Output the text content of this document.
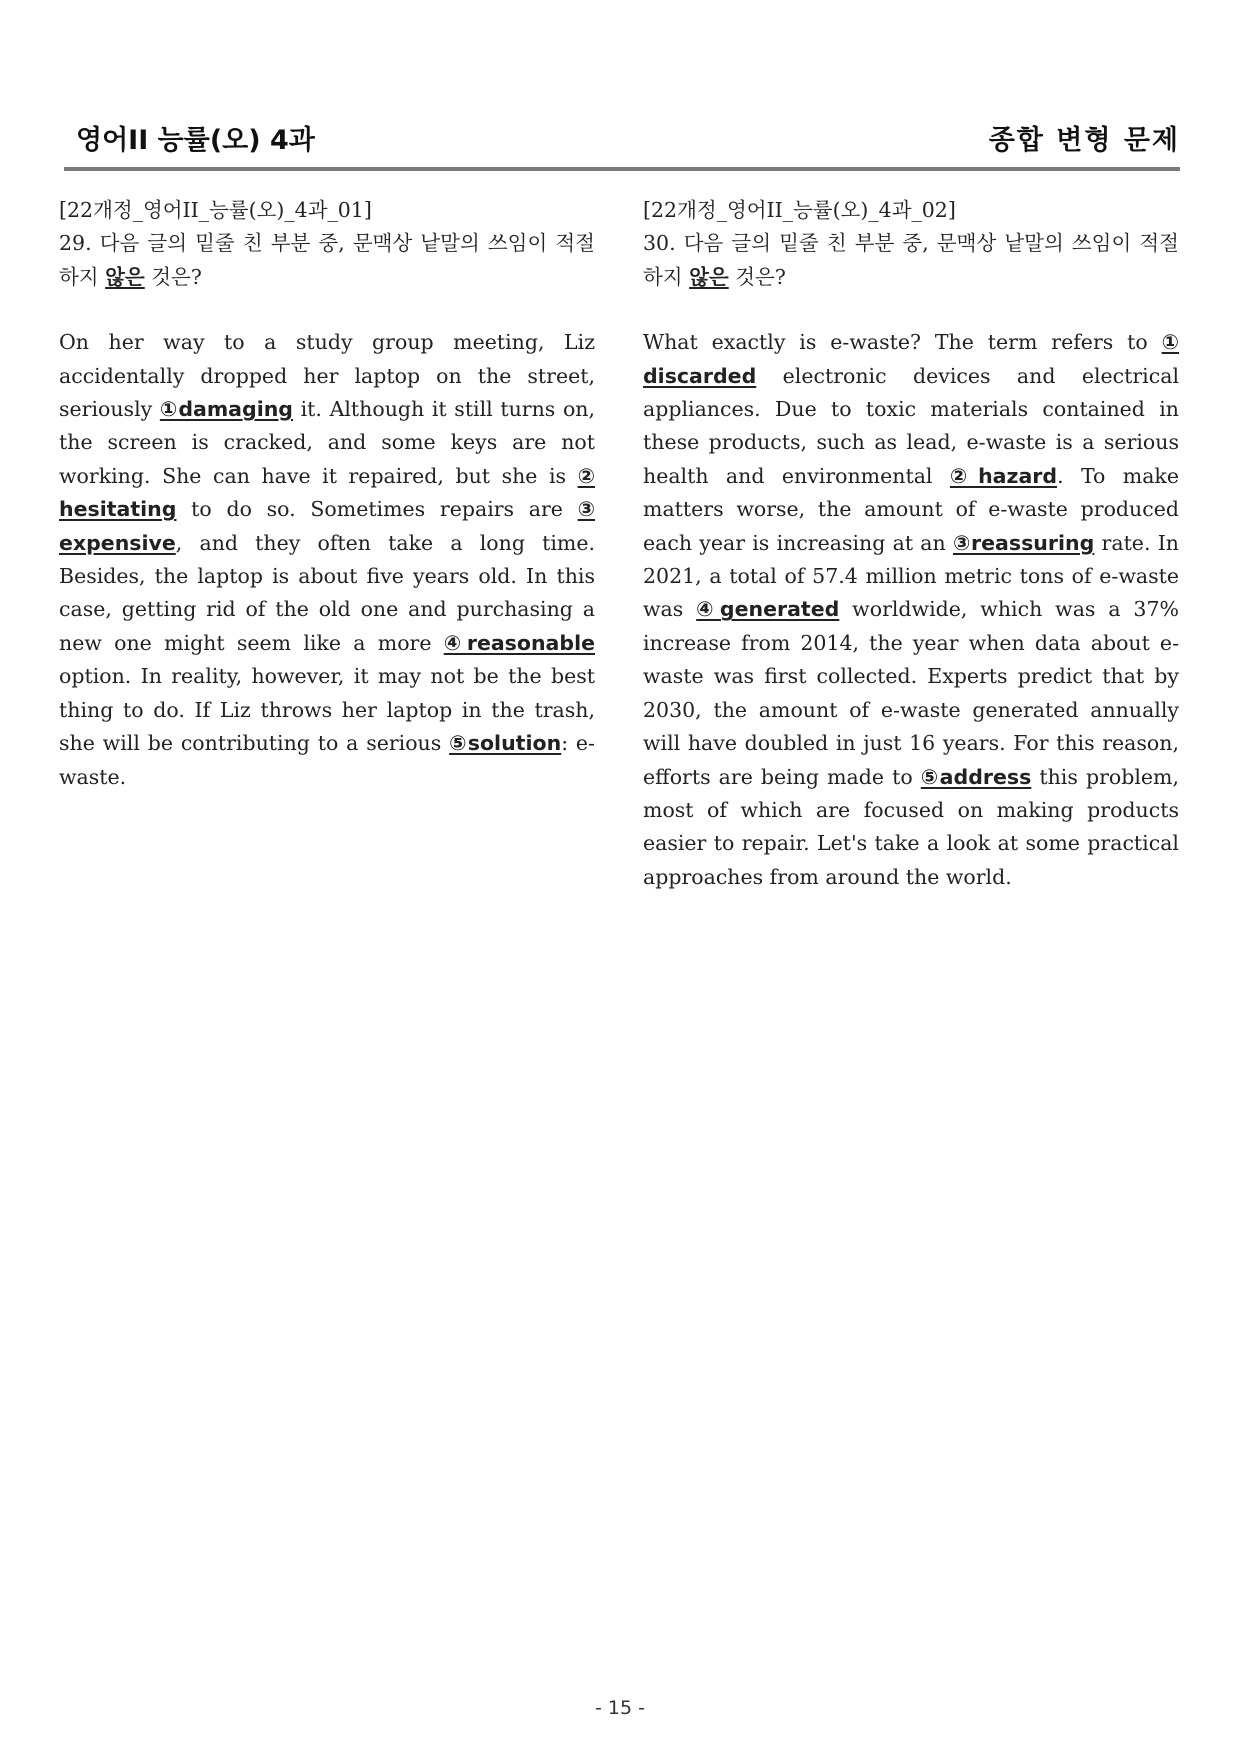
영어II 능률(오) 4과	종합 변형 문제
[22개정_영어II_능률(오)_4과_01]
29. 다음 글의 밑줄 친 부분 중, 문맥상 낱말의 쓰임이 적절하지 않은 것은?
On her way to a study group meeting, Liz accidentally dropped her laptop on the street, seriously ①damaging it. Although it still turns on, the screen is cracked, and some keys are not working. She can have it repaired, but she is ② hesitating to do so. Sometimes repairs are ③ expensive, and they often take a long time. Besides, the laptop is about five years old. In this case, getting rid of the old one and purchasing a new one might seem like a more ④reasonable option. In reality, however, it may not be the best thing to do. If Liz throws her laptop in the trash, she will be contributing to a serious ⑤solution: e-waste.
[22개정_영어II_능률(오)_4과_02]
30. 다음 글의 밑줄 친 부분 중, 문맥상 낱말의 쓰임이 적절하지 않은 것은?
What exactly is e-waste? The term refers to ① discarded electronic devices and electrical appliances. Due to toxic materials contained in these products, such as lead, e-waste is a serious health and environmental ②hazard. To make matters worse, the amount of e-waste produced each year is increasing at an ③reassuring rate. In 2021, a total of 57.4 million metric tons of e-waste was ④generated worldwide, which was a 37% increase from 2014, the year when data about e-waste was first collected. Experts predict that by 2030, the amount of e-waste generated annually will have doubled in just 16 years. For this reason, efforts are being made to ⑤address this problem, most of which are focused on making products easier to repair. Let's take a look at some practical approaches from around the world.
- 15 -
